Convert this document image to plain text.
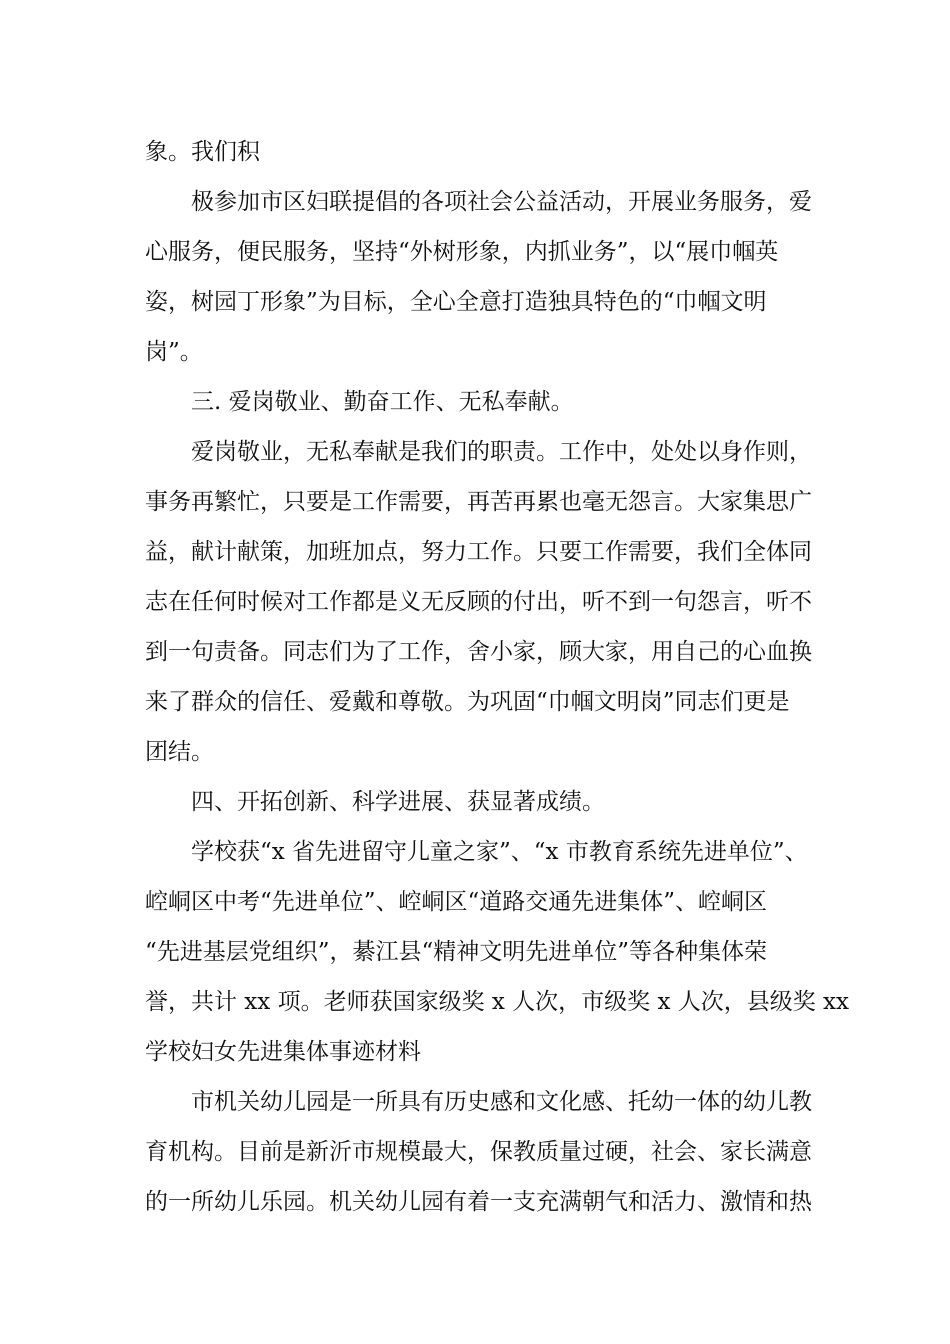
象。我们积
极参加市区妇联提倡的各项社会公益活动，开展业务服务，爱
心服务，便民服务，坚持“外树形象，内抓业务”，以“展巾帼英
姿，树园丁形象”为目标，全心全意打造独具特色的“巾帼文明
岗”。
三. 爱岗敬业、勤奋工作、无私奉献。
爱岗敬业，无私奉献是我们的职责。工作中，处处以身作则，
事务再繁忙，只要是工作需要，再苦再累也毫无怨言。大家集思广
益，献计献策，加班加点，努力工作。只要工作需要，我们全体同
志在任何时候对工作都是义无反顾的付出，听不到一句怨言，听不
到一句责备。同志们为了工作，舍小家，顾大家，用自己的心血换
来了群众的信任、爱戴和尊敬。为巩固“巾帼文明岗”同志们更是
团结。
四、开拓创新、科学进展、获显著成绩。
学校获“x 省先进留守儿童之家”、“x 市教育系统先进单位”、
崆峒区中考“先进单位”、崆峒区“道路交通先进集体”、崆峒区
“先进基层党组织”，綦江县“精神文明先进单位”等各种集体荣
誉，共计 xx 项。老师获国家级奖 x 人次，市级奖 x 人次，县级奖 xx
学校妇女先进集体事迹材料
市机关幼儿园是一所具有历史感和文化感、托幼一体的幼儿教
育机构。目前是新沂市规模最大，保教质量过硬，社会、家长满意
的一所幼儿乐园。机关幼儿园有着一支充满朝气和活力、激情和热
